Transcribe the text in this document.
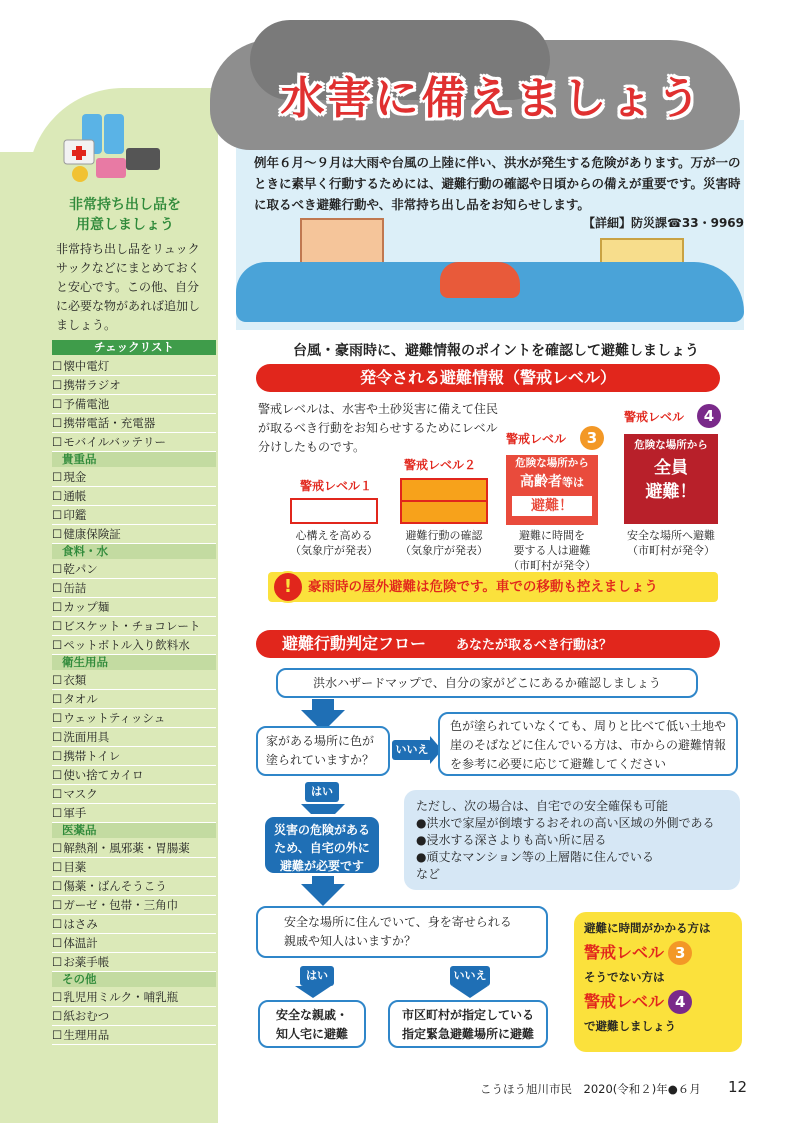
非常持ち出し品を
用意しましょう
非常持ち出し品をリュックサックなどにまとめておくと安心です。この他、自分に必要な物があれば追加しましょう。
チェックリスト
☐ 懐中電灯
☐ 携帯ラジオ
☐ 予備電池
☐ 携帯電話・充電器
☐ モバイルバッテリー
貴重品
☐ 現金
☐ 通帳
☐ 印鑑
☐ 健康保険証
食料・水
☐ 乾パン
☐ 缶詰
☐ カップ麺
☐ ビスケット・チョコレート
☐ ペットボトル入り飲料水
衛生用品
☐ 衣類
☐ タオル
☐ ウェットティッシュ
☐ 洗面用具
☐ 携帯トイレ
☐ 使い捨てカイロ
☐ マスク
☐ 軍手
医薬品
☐ 解熱剤・風邪薬・胃腸薬
☐ 目薬
☐ 傷薬・ばんそうこう
☐ ガーゼ・包帯・三角巾
☐ はさみ
☐ 体温計
☐ お薬手帳
その他
☐ 乳児用ミルク・哺乳瓶
☐ 紙おむつ
☐ 生理用品
水害に備えましょう
例年６月～９月は大雨や台風の上陸に伴い、洪水が発生する危険があります。万が一のときに素早く行動するためには、避難行動の確認や日頃からの備えが重要です。災害時に取るべき避難行動や、非常持ち出し品をお知らせします。
【詳細】防災課☎33・9969
台風・豪雨時に、避難情報のポイントを確認して避難しましょう
発令される避難情報（警戒レベル）
警戒レベルは、水害や土砂災害に備えて住民が取るべき行動をお知らせするためにレベル分けしたものです。
警戒レベル１
心構えを高める
（気象庁が発表）
警戒レベル２
避難行動の確認
（気象庁が発表）
警戒レベル	3
危険な場所から
高齢者等は
避難！
避難に時間を
要する人は避難
（市町村が発令）
警戒レベル	4
危険な場所から
全員
避難！
安全な場所へ避難
（市町村が発令）
豪雨時の屋外避難は危険です。車での移動も控えましょう
!
避難行動判定フロー あなたが取るべき行動は？
洪水ハザードマップで、自分の家がどこにあるか確認しましょう
家がある場所に色が塗られていますか？
いいえ
色が塗られていなくても、周りと比べて低い土地や崖のそばなどに住んでいる方は、市からの避難情報を参考に必要に応じて避難してください
はい
災害の危険があるため、自宅の外に避難が必要です
ただし、次の場合は、自宅での安全確保も可能
●洪水で家屋が倒壊するおそれの高い区域の外側である
●浸水する深さよりも高い所に居る
●頑丈なマンション等の上層階に住んでいる
など
安全な場所に住んでいて、身を寄せられる親戚や知人はいますか？
はい	いいえ
安全な親戚・知人宅に避難
市区町村が指定している指定緊急避難場所に避難
避難に時間がかかる方は
警戒レベル 3
そうでない方は
警戒レベル 4
で避難しましょう
こうほう旭川市民　2020(令和２)年●６月	12
